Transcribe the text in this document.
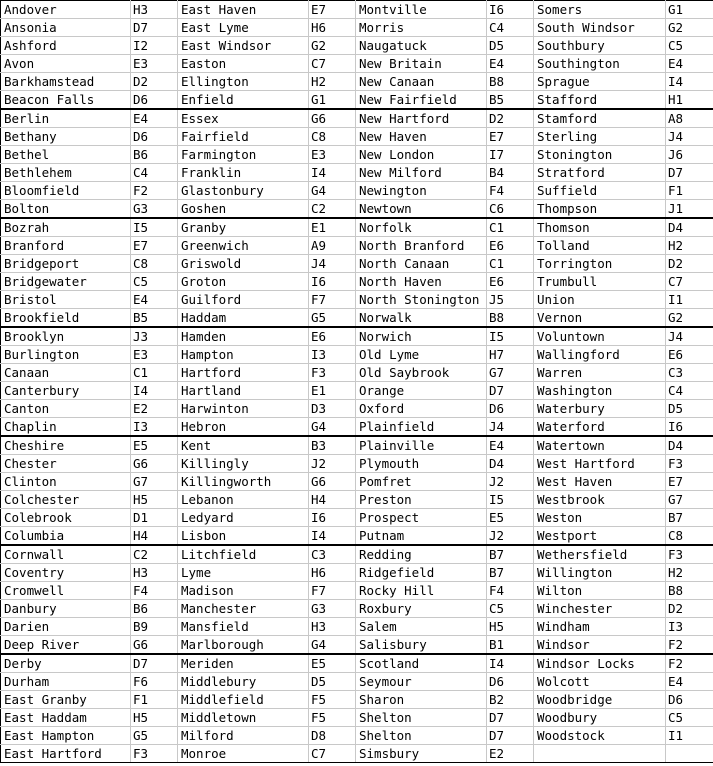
Andover	H3	East Haven	E7	Montville	I6	Somers	G1
Ansonia	D7	East Lyme	H6	Morris	C4	South Windsor	G2
Ashford	I2	East Windsor	G2	Naugatuck	D5	Southbury	C5
Avon	E3	Easton	C7	New Britain	E4	Southington	E4
Barkhamstead	D2	Ellington	H2	New Canaan	B8	Sprague	I4
Beacon Falls	D6	Enfield	G1	New Fairfield	B5	Stafford	H1
Berlin	E4	Essex	G6	New Hartford	D2	Stamford	A8
Bethany	D6	Fairfield	C8	New Haven	E7	Sterling	J4
Bethel	B6	Farmington	E3	New London	I7	Stonington	J6
Bethlehem	C4	Franklin	I4	New Milford	B4	Stratford	D7
Bloomfield	F2	Glastonbury	G4	Newington	F4	Suffield	F1
Bolton	G3	Goshen	C2	Newtown	C6	Thompson	J1
Bozrah	I5	Granby	E1	Norfolk	C1	Thomson	D4
Branford	E7	Greenwich	A9	North Branford	E6	Tolland	H2
Bridgeport	C8	Griswold	J4	North Canaan	C1	Torrington	D2
Bridgewater	C5	Groton	I6	North Haven	E6	Trumbull	C7
Bristol	E4	Guilford	F7	North Stonington	J5	Union	I1
Brookfield	B5	Haddam	G5	Norwalk	B8	Vernon	G2
Brooklyn	J3	Hamden	E6	Norwich	I5	Voluntown	J4
Burlington	E3	Hampton	I3	Old Lyme	H7	Wallingford	E6
Canaan	C1	Hartford	F3	Old Saybrook	G7	Warren	C3
Canterbury	I4	Hartland	E1	Orange	D7	Washington	C4
Canton	E2	Harwinton	D3	Oxford	D6	Waterbury	D5
Chaplin	I3	Hebron	G4	Plainfield	J4	Waterford	I6
Cheshire	E5	Kent	B3	Plainville	E4	Watertown	D4
Chester	G6	Killingly	J2	Plymouth	D4	West Hartford	F3
Clinton	G7	Killingworth	G6	Pomfret	J2	West Haven	E7
Colchester	H5	Lebanon	H4	Preston	I5	Westbrook	G7
Colebrook	D1	Ledyard	I6	Prospect	E5	Weston	B7
Columbia	H4	Lisbon	I4	Putnam	J2	Westport	C8
Cornwall	C2	Litchfield	C3	Redding	B7	Wethersfield	F3
Coventry	H3	Lyme	H6	Ridgefield	B7	Willington	H2
Cromwell	F4	Madison	F7	Rocky Hill	F4	Wilton	B8
Danbury	B6	Manchester	G3	Roxbury	C5	Winchester	D2
Darien	B9	Mansfield	H3	Salem	H5	Windham	I3
Deep River	G6	Marlborough	G4	Salisbury	B1	Windsor	F2
Derby	D7	Meriden	E5	Scotland	I4	Windsor Locks	F2
Durham	F6	Middlebury	D5	Seymour	D6	Wolcott	E4
East Granby	F1	Middlefield	F5	Sharon	B2	Woodbridge	D6
East Haddam	H5	Middletown	F5	Shelton	D7	Woodbury	C5
East Hampton	G5	Milford	D8	Shelton	D7	Woodstock	I1
East Hartford	F3	Monroe	C7	Simsbury	E2		
